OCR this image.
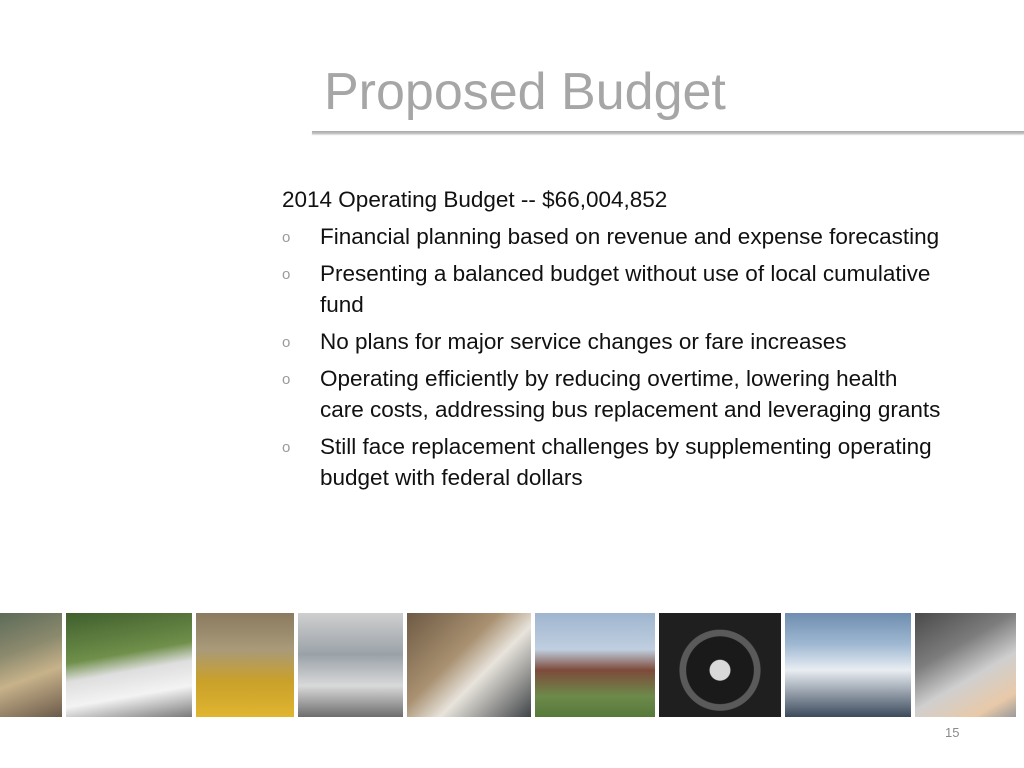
Proposed Budget

2014 Operating Budget -- $66,004,852

o Financial planning based on revenue and expense forecasting
o Presenting a balanced budget without use of local cumulative fund
o No plans for major service changes or fare increases
o Operating efficiently by reducing overtime, lowering health care costs, addressing bus replacement and leveraging grants
o Still face replacement challenges by supplementing operating budget with federal dollars
15
